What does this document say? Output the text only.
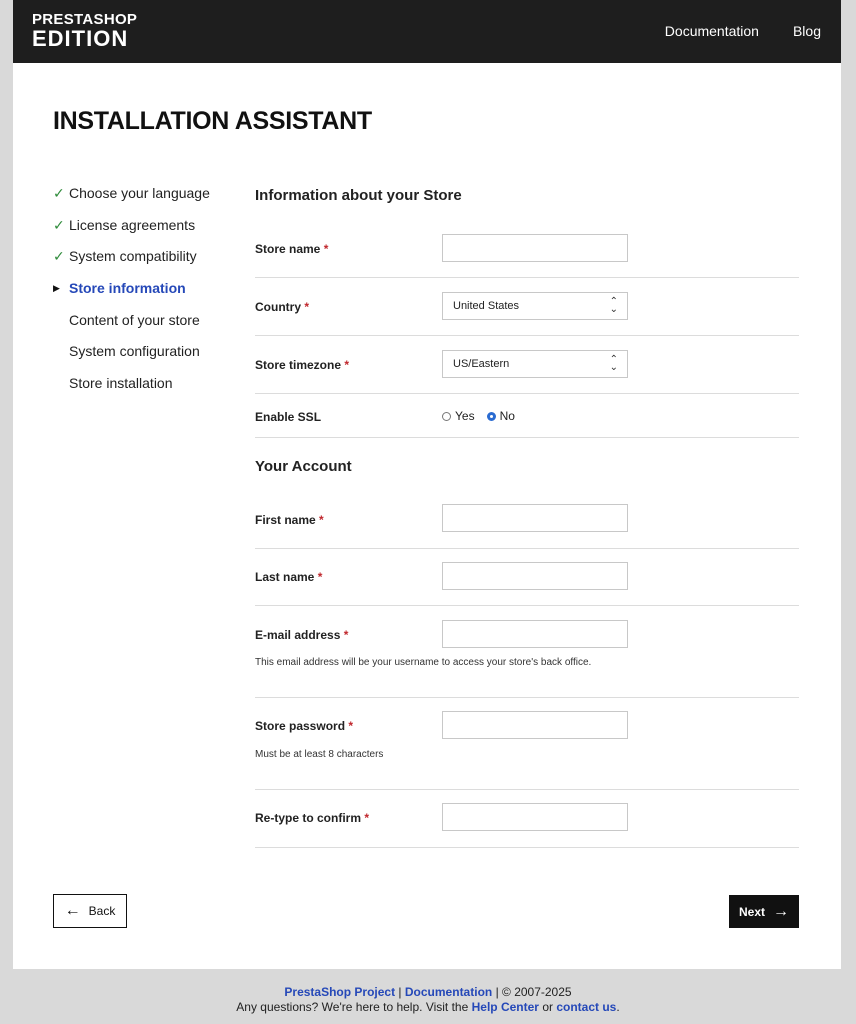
PRESTASHOP
EDITION	Documentation Blog
INSTALLATION ASSISTANT
✓ Choose your language
✓ License agreements
✓ System compatibility
▶ Store information
Content of your store
System configuration
Store installation
Information about your Store
Store name *
Country *	United States	⌃
⌄
Store timezone *	US/Eastern	⌃
⌄
Enable SSL	Yes No
Your Account
First name *
Last name *
E-mail address *
This email address will be your username to access your store's back office.
Store password *
Must be at least 8 characters
Re-type to confirm *
← Back	Next →
PrestaShop Project | Documentation | © 2007-2025
Any questions? We're here to help. Visit the Help Center or contact us.
